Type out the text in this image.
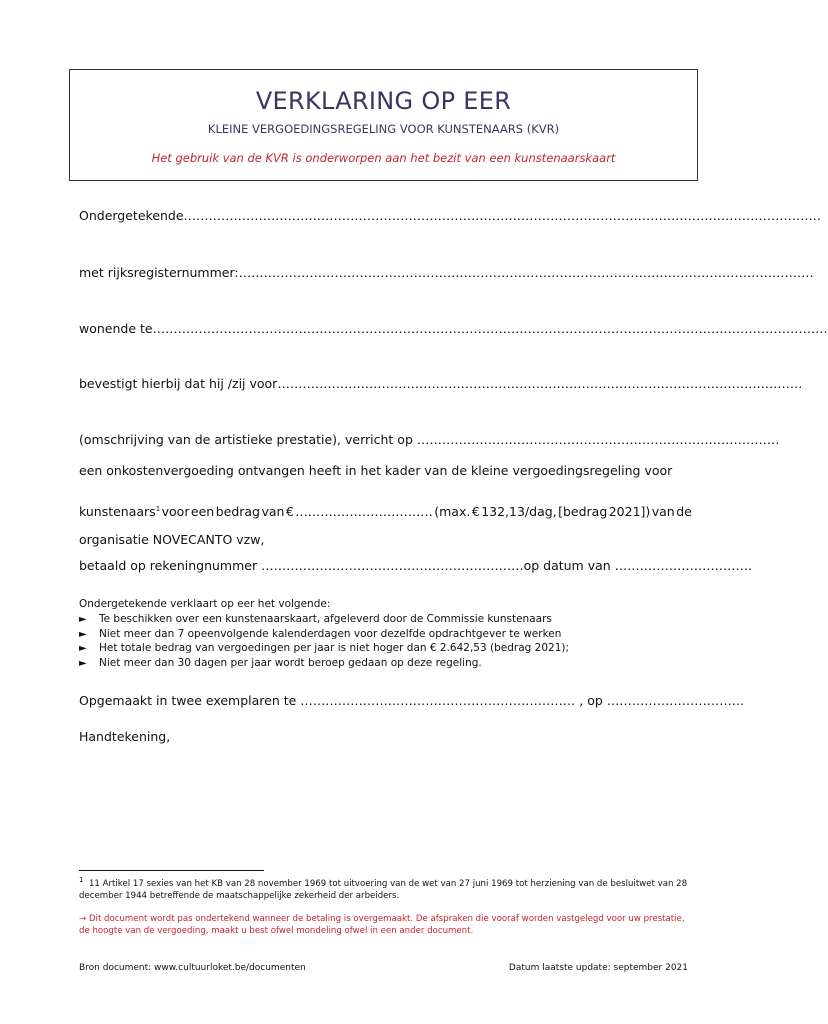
VERKLARING OP EER
KLEINE VERGOEDINGSREGELING VOOR KUNSTENAARS (KVR)
Het gebruik van de KVR is onderworpen aan het bezit van een kunstenaarskaart
Ondergetekende………………………………………………………………………………………………………………………………………
met rijksregisternummer:…………………………………………………………………………………………………………………………
wonende te………………………………………………………………………………………………………………………………………………
bevestigt hierbij dat hij /zij voor………………………………………………………………………………………………………………
(omschrijving van de artistieke prestatie), verricht op ……………………………………………………………………………
een onkostenvergoeding ontvangen heeft in het kader van de kleine vergoedingsregeling voor
kunstenaars$^1$ voor een bedrag van € …………………………… (max. € 132,13/dag, [bedrag 2021]) van de
organisatie NOVECANTO vzw,
betaald op rekeningnummer ………………………………………………………op datum van ……………………………
Ondergetekende verklaart op eer het volgende:
► Te beschikken over een kunstenaarskaart, afgeleverd door de Commissie kunstenaars
► Niet meer dan 7 opeenvolgende kalenderdagen voor dezelfde opdrachtgever te werken
► Het totale bedrag van vergoedingen per jaar is niet hoger dan € 2.642,53 (bedrag 2021);
► Niet meer dan 30 dagen per jaar wordt beroep gedaan op deze regeling.
Opgemaakt in twee exemplaren te ………………………………………………………… , op ……………………………
Handtekening,
$^1$ 11 Artikel 17 sexies van het KB van 28 november 1969 tot uitvoering van de wet van 27 juni 1969 tot herziening van de besluitwet van 28 december 1944 betreffende de maatschappelijke zekerheid der arbeiders.
→ Dit document wordt pas ondertekend wanneer de betaling is overgemaakt. De afspraken die vooraf worden vastgelegd voor uw prestatie, de hoogte van de vergoeding, maakt u best ofwel mondeling ofwel in een ander document.
Bron document: www.cultuurloket.be/documenten	Datum laatste update: september 2021
